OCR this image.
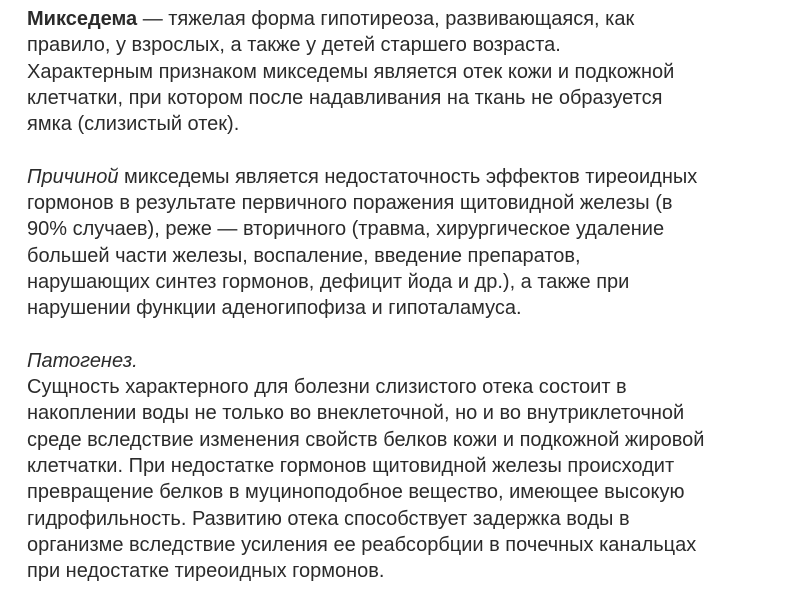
Микседема — тяжелая форма гипотиреоза, развивающаяся, как
правило, у взрослых, а также у детей старшего возраста.
Характерным признаком микседемы является отек кожи и подкожной
клетчатки, при котором после надавливания на ткань не образуется
ямка (слизистый отек).

Причиной микседемы является недостаточность эффектов тиреоидных
гормонов в результате первичного поражения щитовидной железы (в
90% случаев), реже — вторичного (травма, хирургическое удаление
большей части железы, воспаление, введение препаратов,
нарушающих синтез гормонов, дефицит йода и др.), а также при
нарушении функции аденогипофиза и гипоталамуса.

Патогенез.
Сущность характерного для болезни слизистого отека состоит в
накоплении воды не только во внеклеточной, но и во внутриклеточной
среде вследствие изменения свойств белков кожи и подкожной жировой
клетчатки. При недостатке гормонов щитовидной железы происходит
превращение белков в муциноподобное вещество, имеющее высокую
гидрофильность. Развитию отека способствует задержка воды в
организме вследствие усиления ее реабсорбции в почечных канальцах
при недостатке тиреоидных гормонов.
